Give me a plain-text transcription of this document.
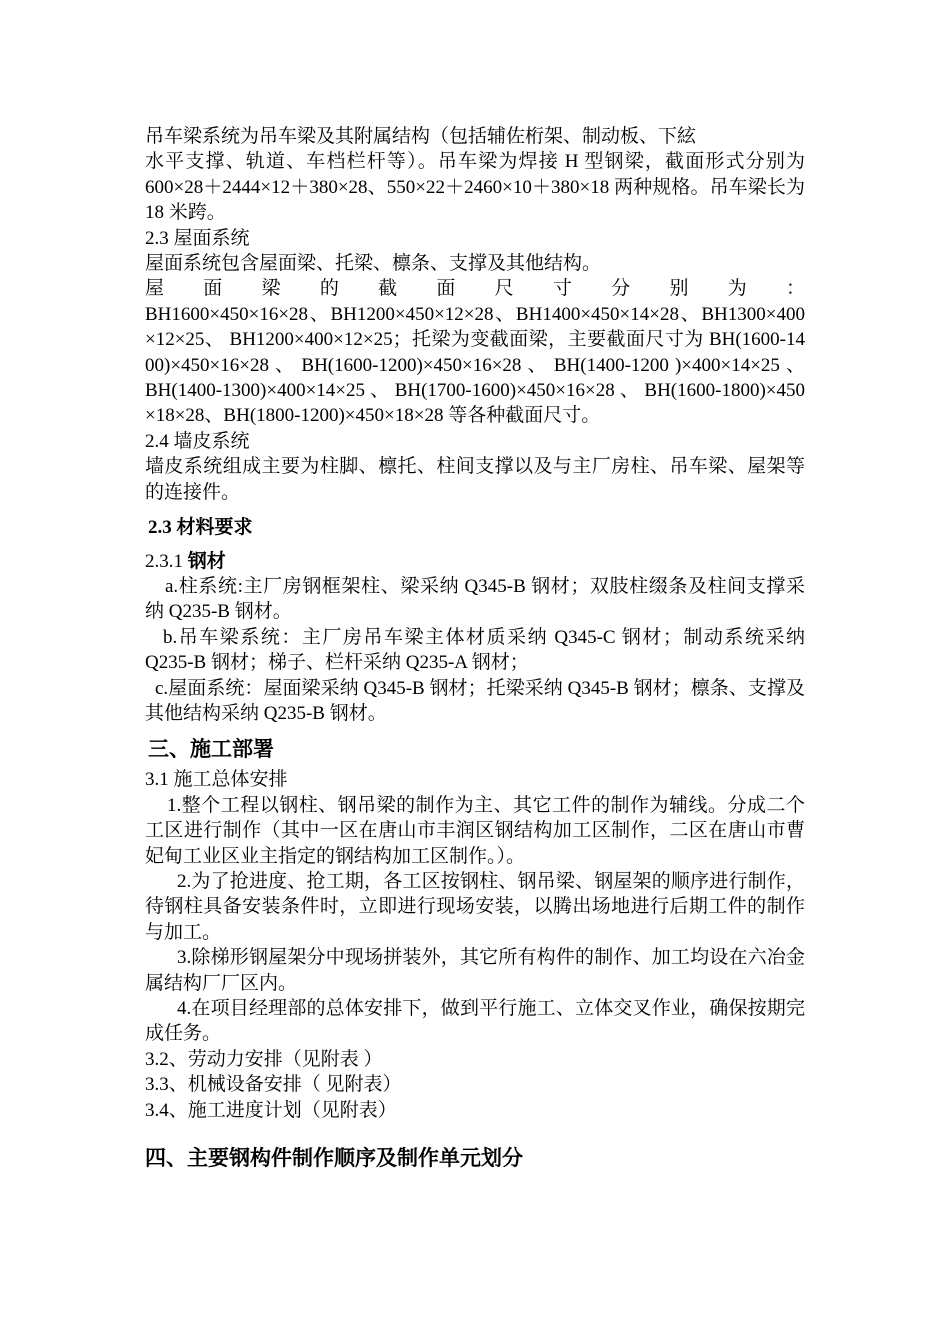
吊车梁系统为吊车梁及其附属结构（包括辅佐桁架、制动板、下絃

水平支撑、轨道、车档栏杆等）。吊车梁为焊接 H 型钢梁，截面形式分别为 600×28＋2444×12＋380×28、550×22＋2460×10＋380×18 两种规格。吊车梁长为 18 米跨。

2.3 屋面系统

屋面系统包含屋面梁、托梁、檩条、支撑及其他结构。

屋面梁的截面尺寸分别为：

BH1600×450×16×28、BH1200×450×12×28、BH1400×450×14×28、BH1300×400×12×25、 BH1200×400×12×25；托梁为变截面梁，主要截面尺寸为 BH(1600-1400)×450×16×28 、 BH(1600-1200)×450×16×28 、 BH(1400-1200 )×400×14×25 、 BH(1400-1300)×400×14×25 、 BH(1700-1600)×450×16×28 、 BH(1600-1800)×450×18×28、BH(1800-1200)×450×18×28 等各种截面尺寸。

2.4 墙皮系统

墙皮系统组成主要为柱脚、檩托、柱间支撑以及与主厂房柱、吊车梁、屋架等的连接件。

2.3 材料要求

2.3.1 钢材

a.柱系统:主厂房钢框架柱、梁采纳 Q345-B 钢材；双肢柱缀条及柱间支撑采纳 Q235-B 钢材。

b.吊车梁系统：主厂房吊车梁主体材质采纳 Q345-C 钢材；制动系统采纳 Q235-B 钢材；梯子、栏杆采纳 Q235-A 钢材；

c.屋面系统：屋面梁采纳 Q345-B 钢材；托梁采纳 Q345-B 钢材；檩条、支撑及其他结构采纳 Q235-B 钢材。

三、施工部署

3.1 施工总体安排

1.整个工程以钢柱、钢吊梁的制作为主、其它工件的制作为辅线。分成二个工区进行制作（其中一区在唐山市丰润区钢结构加工区制作，二区在唐山市曹妃甸工业区业主指定的钢结构加工区制作。）。

2.为了抢进度、抢工期，各工区按钢柱、钢吊梁、钢屋架的顺序进行制作，待钢柱具备安装条件时，立即进行现场安装，以腾出场地进行后期工件的制作与加工。

3.除梯形钢屋架分中现场拼装外，其它所有构件的制作、加工均设在六冶金属结构厂厂区内。

4.在项目经理部的总体安排下，做到平行施工、立体交叉作业，确保按期完成任务。

3.2、劳动力安排（见附表 ）

3.3、机械设备安排（ 见附表）

3.4、施工进度计划（见附表）

四、主要钢构件制作顺序及制作单元划分
